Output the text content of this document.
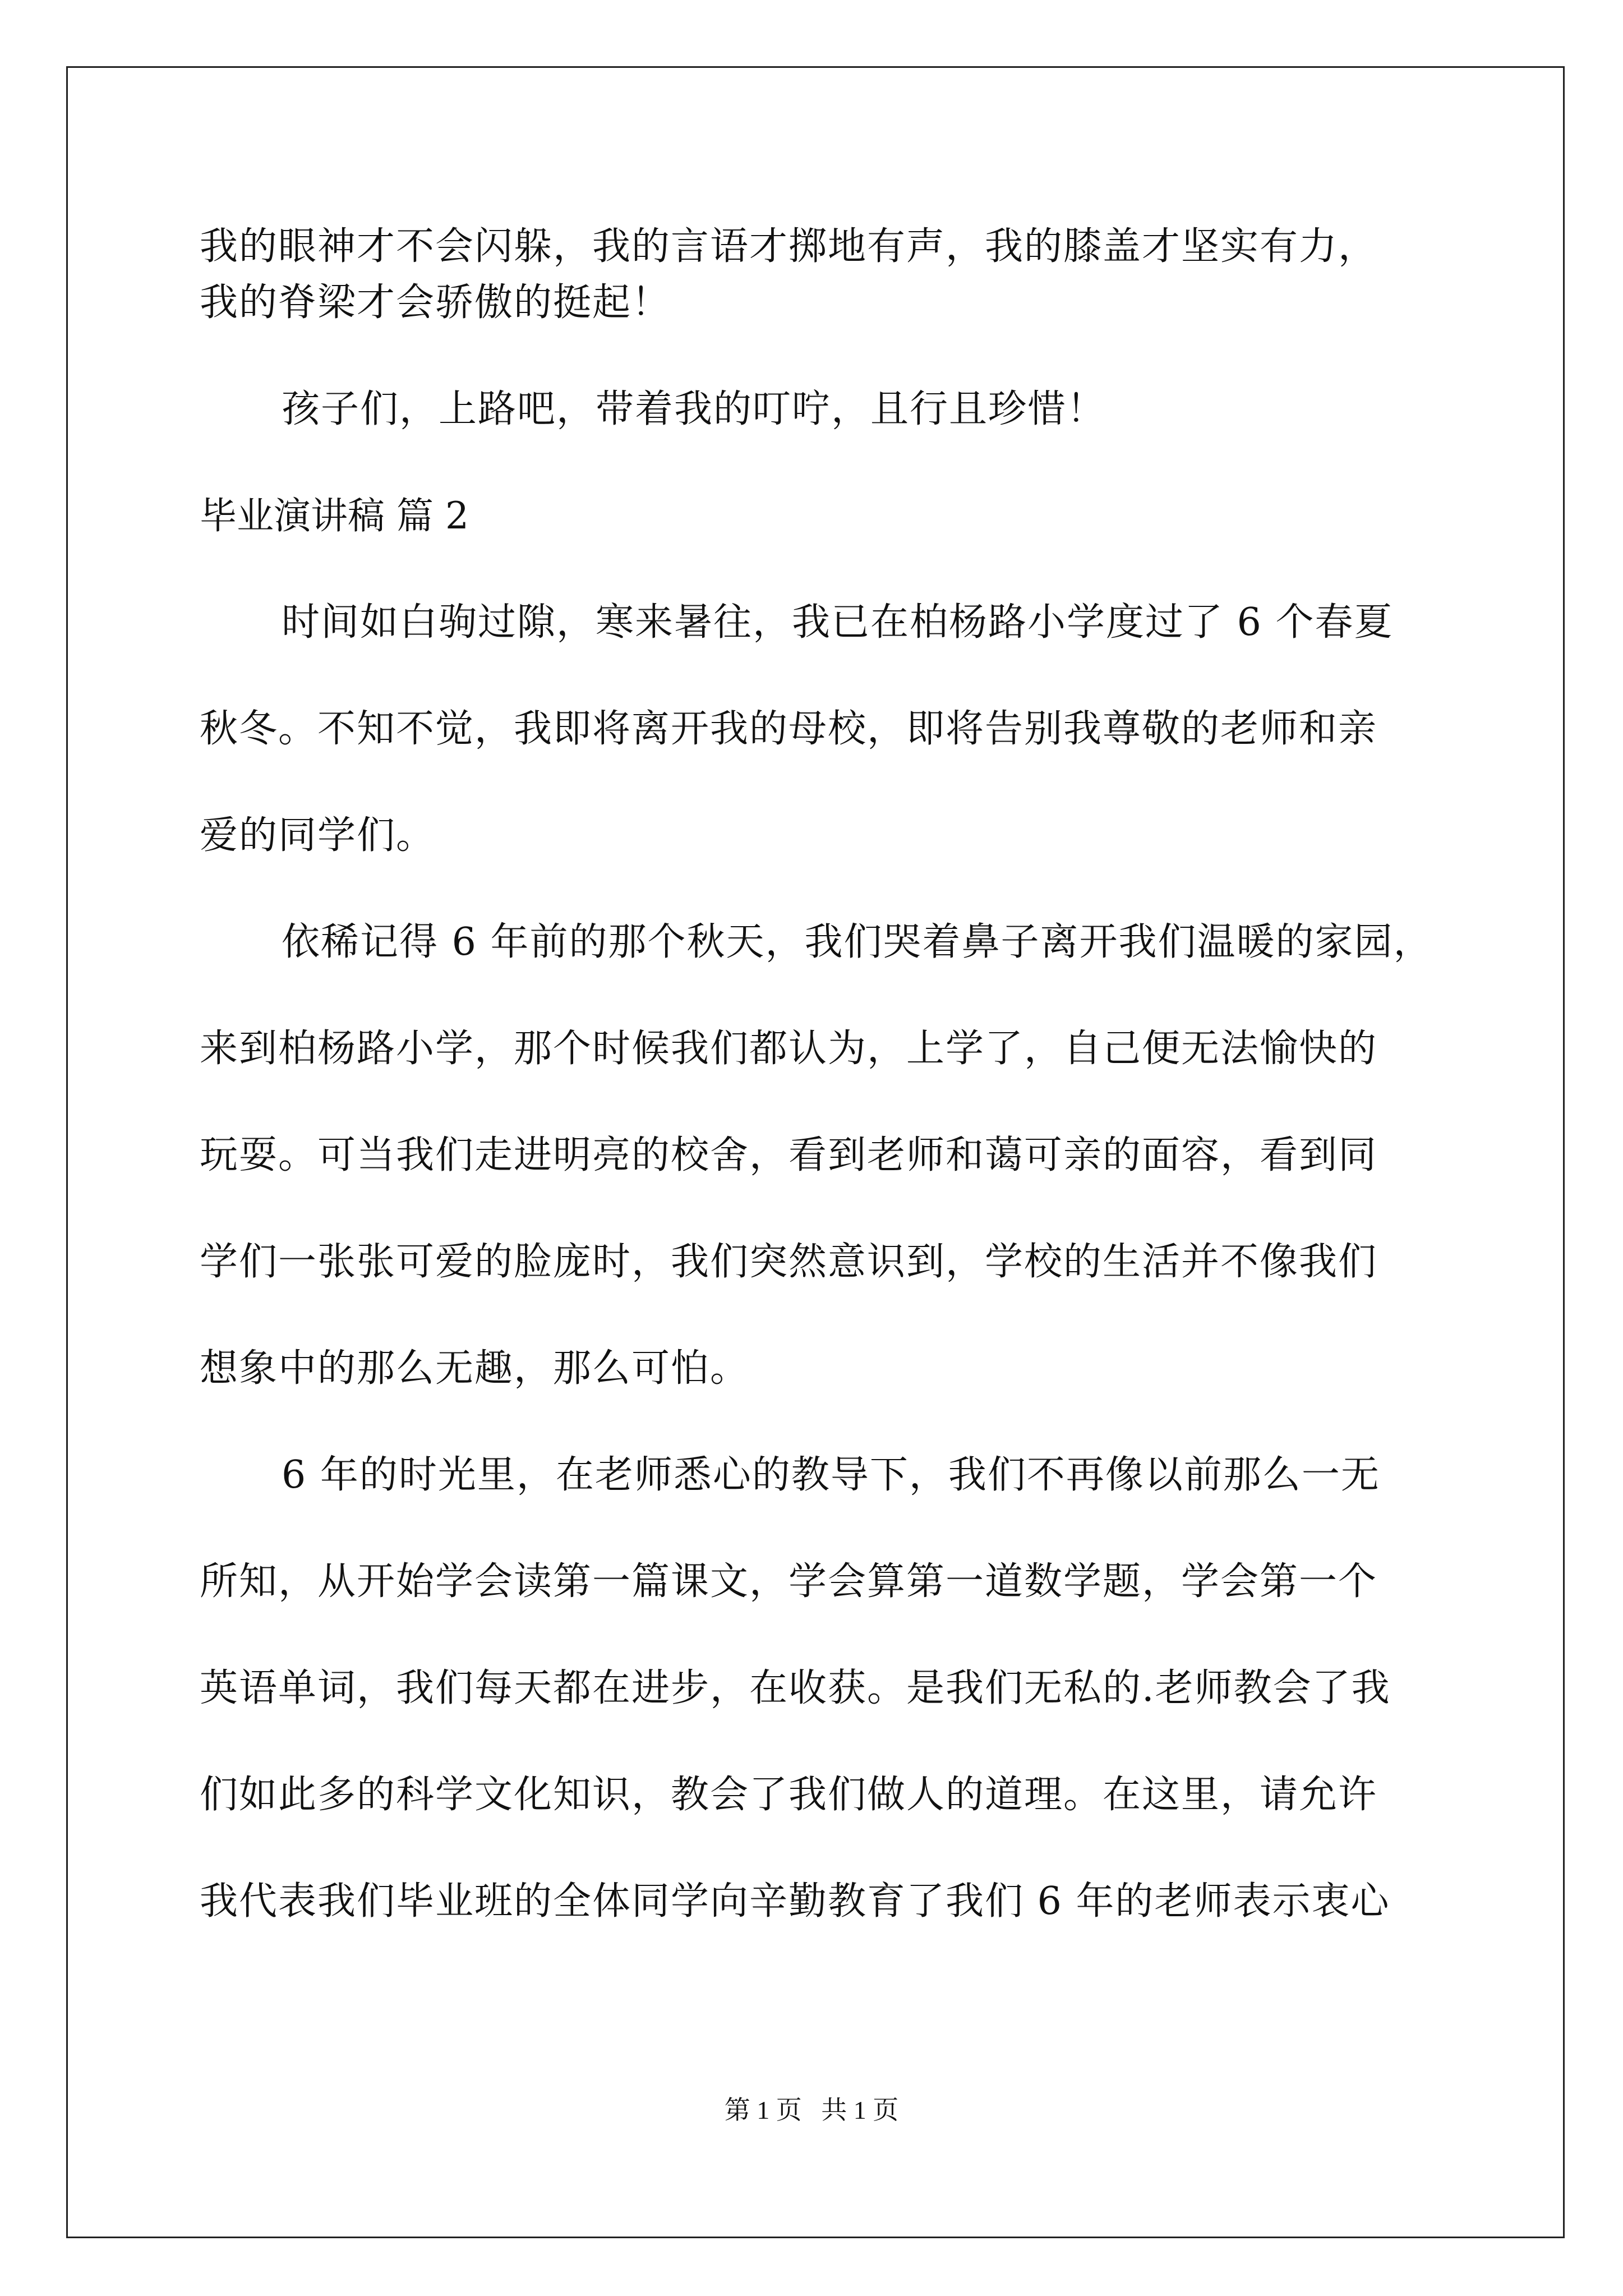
我的眼神才不会闪躲，我的言语才掷地有声，我的膝盖才坚实有力，
我的脊梁才会骄傲的挺起！
孩子们，上路吧，带着我的叮咛，且行且珍惜！
毕业演讲稿 篇 2
时间如白驹过隙，寒来暑往，我已在柏杨路小学度过了 6 个春夏
秋冬。不知不觉，我即将离开我的母校，即将告别我尊敬的老师和亲
爱的同学们。
依稀记得 6 年前的那个秋天，我们哭着鼻子离开我们温暖的家园，
来到柏杨路小学，那个时候我们都认为，上学了，自己便无法愉快的
玩耍。可当我们走进明亮的校舍，看到老师和蔼可亲的面容，看到同
学们一张张可爱的脸庞时，我们突然意识到，学校的生活并不像我们
想象中的那么无趣，那么可怕。
6 年的时光里，在老师悉心的教导下，我们不再像以前那么一无
所知，从开始学会读第一篇课文，学会算第一道数学题，学会第一个
英语单词，我们每天都在进步，在收获。是我们无私的.老师教会了我
们如此多的科学文化知识，教会了我们做人的道理。在这里，请允许
我代表我们毕业班的全体同学向辛勤教育了我们 6 年的老师表示衷心
第 1 页   共 1 页
